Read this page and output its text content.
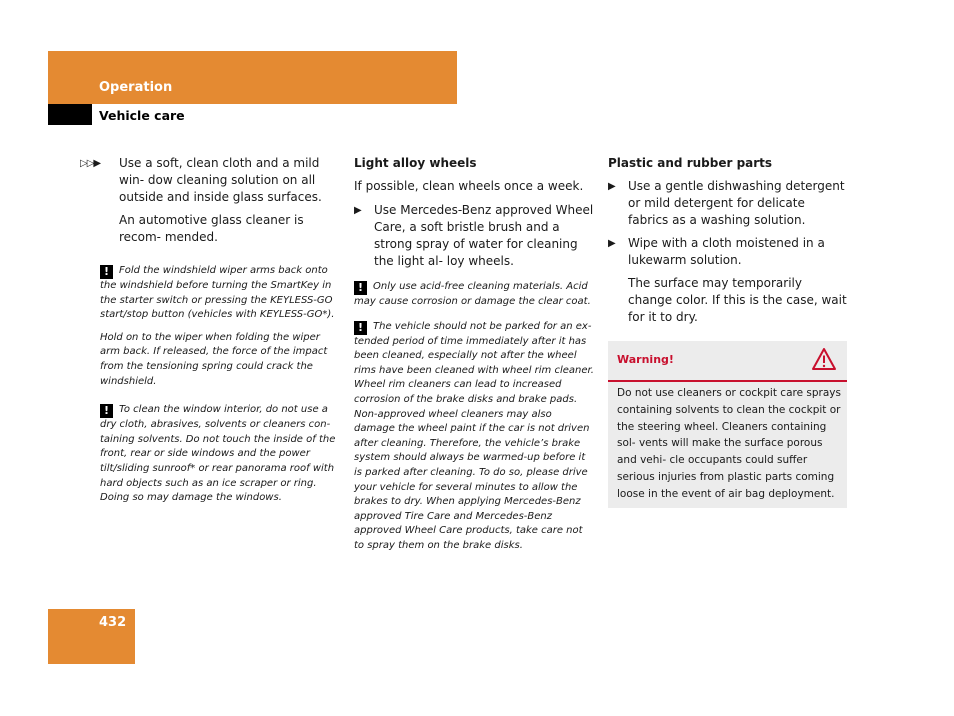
Operation
Vehicle care
▷▷▶ Use a soft, clean cloth and a mild win- dow cleaning solution on all outside and inside glass surfaces.
An automotive glass cleaner is recom- mended.
! Fold the windshield wiper arms back onto the windshield before turning the SmartKey in the starter switch or pressing the KEYLESS-GO start/stop button (vehicles with KEYLESS-GO*).
Hold on to the wiper when folding the wiper arm back. If released, the force of the impact from the tensioning spring could crack the windshield.
! To clean the window interior, do not use a dry cloth, abrasives, solvents or cleaners con- taining solvents. Do not touch the inside of the front, rear or side windows and the power tilt/sliding sunroof* or rear panorama roof with hard objects such as an ice scraper or ring. Doing so may damage the windows.
Light alloy wheels
If possible, clean wheels once a week.
▶ Use Mercedes-Benz approved Wheel Care, a soft bristle brush and a strong spray of water for cleaning the light al- loy wheels.
! Only use acid-free cleaning materials. Acid may cause corrosion or damage the clear coat.
! The vehicle should not be parked for an ex- tended period of time immediately after it has been cleaned, especially not after the wheel rims have been cleaned with wheel rim cleaner. Wheel rim cleaners can lead to increased corrosion of the brake disks and brake pads. Non-approved wheel cleaners may also damage the wheel paint if the car is not driven after cleaning. Therefore, the vehicle’s brake system should always be warmed-up before it is parked after cleaning. To do so, please drive your vehicle for several minutes to allow the brakes to dry. When applying Mercedes-Benz approved Tire Care and Mercedes-Benz approved Wheel Care products, take care not to spray them on the brake disks.
Plastic and rubber parts
▶ Use a gentle dishwashing detergent or mild detergent for delicate fabrics as a washing solution.
▶ Wipe with a cloth moistened in a lukewarm solution.
The surface may temporarily change color. If this is the case, wait for it to dry.
Warning!
Do not use cleaners or cockpit care sprays containing solvents to clean the cockpit or the steering wheel. Cleaners containing sol- vents will make the surface porous and vehi- cle occupants could suffer serious injuries from plastic parts coming loose in the event of air bag deployment.
432
